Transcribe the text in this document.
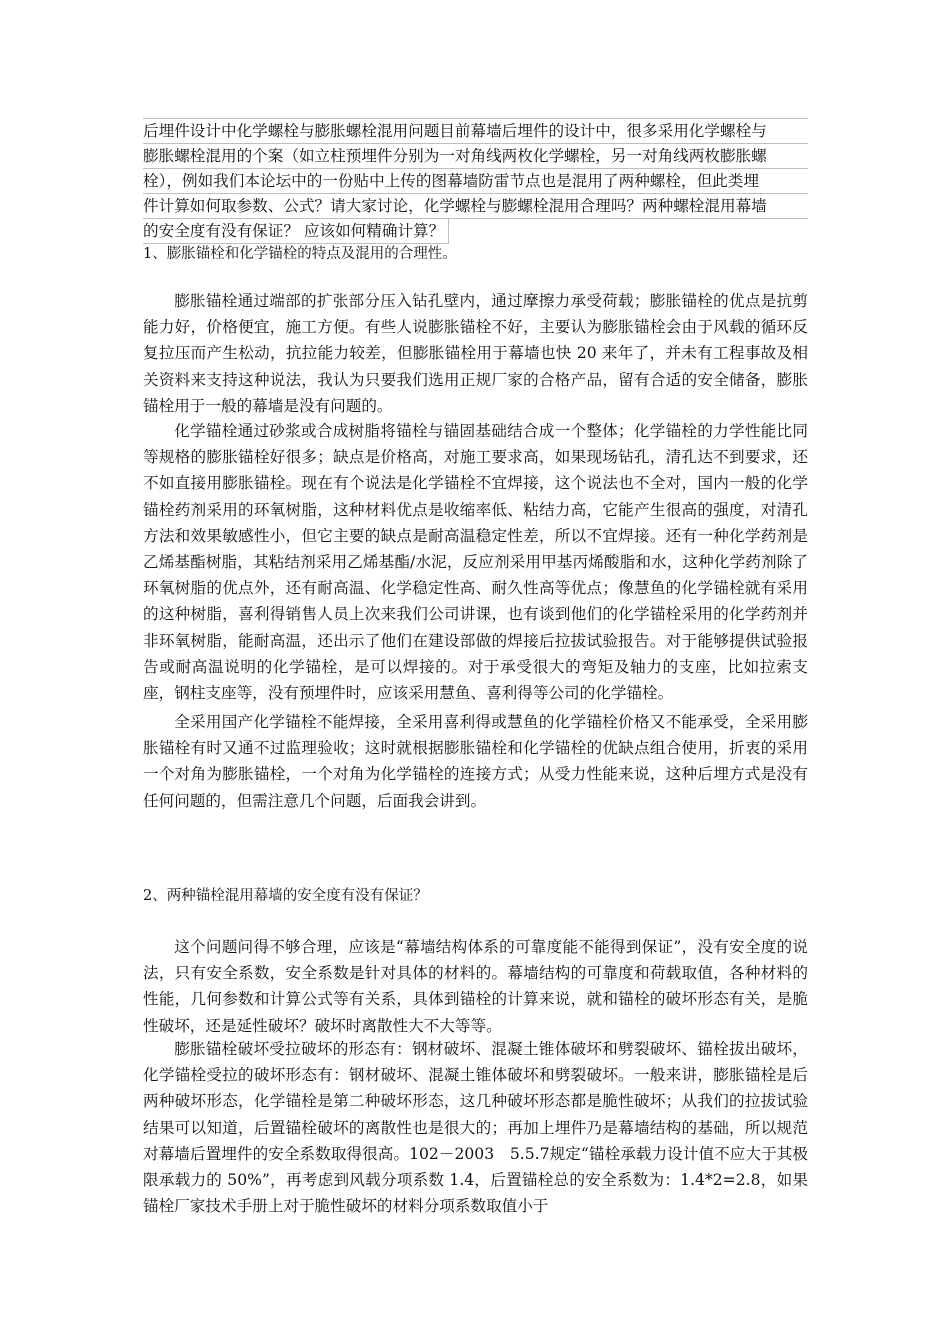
后埋件设计中化学螺栓与膨胀螺栓混用问题目前幕墙后埋件的设计中，很多采用化学螺栓与
膨胀螺栓混用的个案（如立柱预埋件分别为一对角线两枚化学螺栓，另一对角线两枚膨胀螺
栓），例如我们本论坛中的一份贴中上传的图幕墙防雷节点也是混用了两种螺栓，但此类埋
件计算如何取参数、公式？请大家讨论，化学螺栓与膨螺栓混用合理吗？两种螺栓混用幕墙
的安全度有没有保证？ 应该如何精确计算？
1、膨胀锚栓和化学锚栓的特点及混用的合理性。

膨胀锚栓通过端部的扩张部分压入钻孔壁内，通过摩擦力承受荷载；膨胀锚栓的优点是抗剪能力好，价格便宜，施工方便。有些人说膨胀锚栓不好，主要认为膨胀锚栓会由于风载的循环反复拉压而产生松动，抗拉能力较差，但膨胀锚栓用于幕墙也快 20 来年了，并未有工程事故及相关资料来支持这种说法，我认为只要我们选用正规厂家的合格产品，留有合适的安全储备，膨胀锚栓用于一般的幕墙是没有问题的。

化学锚栓通过砂浆或合成树脂将锚栓与锚固基础结合成一个整体；化学锚栓的力学性能比同等规格的膨胀锚栓好很多；缺点是价格高，对施工要求高，如果现场钻孔，清孔达不到要求，还不如直接用膨胀锚栓。现在有个说法是化学锚栓不宜焊接，这个说法也不全对，国内一般的化学锚栓药剂采用的环氧树脂，这种材料优点是收缩率低、粘结力高，它能产生很高的强度，对清孔方法和效果敏感性小，但它主要的缺点是耐高温稳定性差，所以不宜焊接。还有一种化学药剂是乙烯基酯树脂，其粘结剂采用乙烯基酯/水泥，反应剂采用甲基丙烯酸脂和水，这种化学药剂除了环氧树脂的优点外，还有耐高温、化学稳定性高、耐久性高等优点；像慧鱼的化学锚栓就有采用的这种树脂，喜利得销售人员上次来我们公司讲课，也有谈到他们的化学锚栓采用的化学药剂并非环氧树脂，能耐高温，还出示了他们在建设部做的焊接后拉拔试验报告。对于能够提供试验报告或耐高温说明的化学锚栓，是可以焊接的。对于承受很大的弯矩及轴力的支座，比如拉索支座，钢柱支座等，没有预埋件时，应该采用慧鱼、喜利得等公司的化学锚栓。

全采用国产化学锚栓不能焊接，全采用喜利得或慧鱼的化学锚栓价格又不能承受，全采用膨胀锚栓有时又通不过监理验收；这时就根据膨胀锚栓和化学锚栓的优缺点组合使用，折衷的采用一个对角为膨胀锚栓，一个对角为化学锚栓的连接方式；从受力性能来说，这种后埋方式是没有任何问题的，但需注意几个问题，后面我会讲到。

2、两种锚栓混用幕墙的安全度有没有保证？

这个问题问得不够合理，应该是“幕墙结构体系的可靠度能不能得到保证”，没有安全度的说法，只有安全系数，安全系数是针对具体的材料的。幕墙结构的可靠度和荷载取值，各种材料的性能，几何参数和计算公式等有关系，具体到锚栓的计算来说，就和锚栓的破坏形态有关，是脆性破坏，还是延性破坏？破坏时离散性大不大等等。

膨胀锚栓破坏受拉破坏的形态有：钢材破坏、混凝土锥体破坏和劈裂破坏、锚栓拔出破坏，化学锚栓受拉的破坏形态有：钢材破坏、混凝土锥体破坏和劈裂破坏。一般来讲，膨胀锚栓是后两种破坏形态，化学锚栓是第二种破坏形态，这几种破坏形态都是脆性破坏；从我们的拉拔试验结果可以知道，后置锚栓破坏的离散性也是很大的；再加上埋件乃是幕墙结构的基础，所以规范对幕墙后置埋件的安全系数取得很高。102－2003　5.5.7规定“锚栓承载力设计值不应大于其极限承载力的 50%”，再考虑到风载分项系数 1.4，后置锚栓总的安全系数为：1.4*2=2.8，如果锚栓厂家技术手册上对于脆性破坏的材料分项系数取值小于
